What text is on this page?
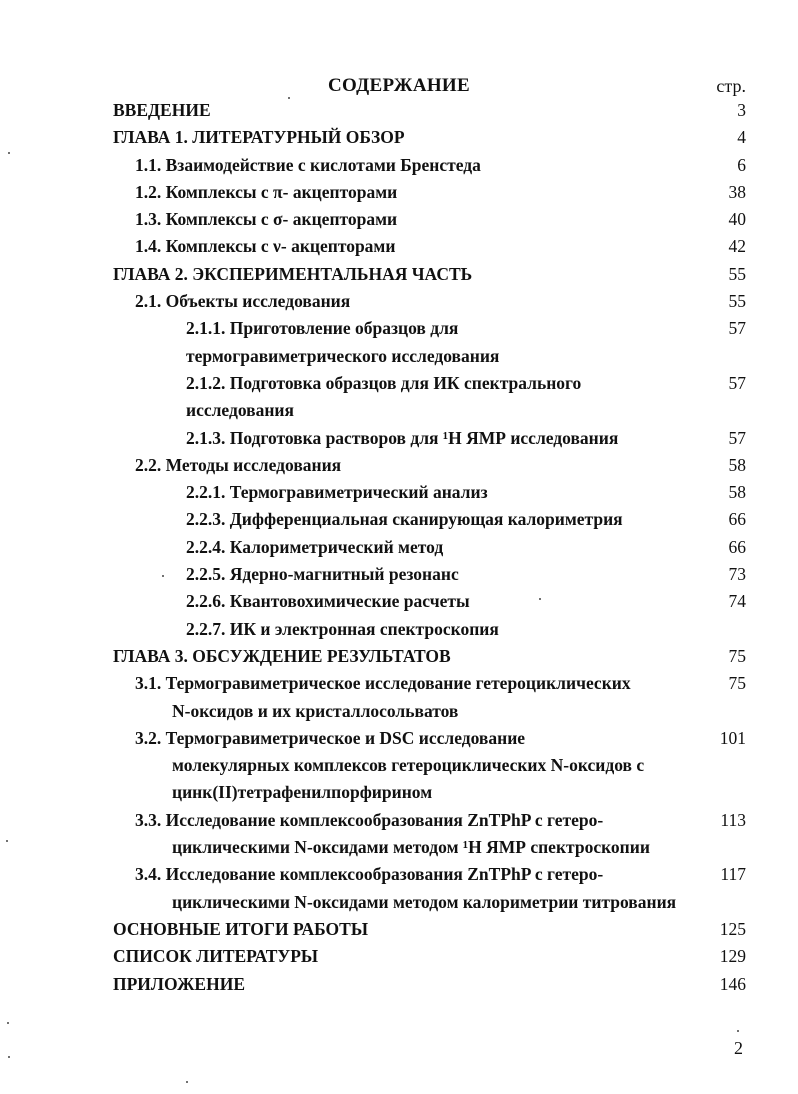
СОДЕРЖАНИЕ	стр.
ВВЕДЕНИЕ	3
ГЛАВА 1. ЛИТЕРАТУРНЫЙ ОБЗОР	4
1.1. Взаимодействие с кислотами Бренстеда	6
1.2. Комплексы с π- акцепторами	38
1.3. Комплексы с σ- акцепторами	40
1.4. Комплексы с ν- акцепторами	42
ГЛАВА 2. ЭКСПЕРИМЕНТАЛЬНАЯ ЧАСТЬ	55
2.1. Объекты исследования	55
2.1.1. Приготовление образцов для	57
термогравиметрического исследования
2.1.2. Подготовка образцов для ИК спектрального	57
исследования
2.1.3. Подготовка растворов для ¹H ЯМР исследования	57
2.2. Методы исследования	58
2.2.1. Термогравиметрический анализ	58
2.2.3. Дифференциальная сканирующая калориметрия	66
2.2.4. Калориметрический метод	66
2.2.5. Ядерно-магнитный резонанс	73
2.2.6. Квантовохимические расчеты	74
2.2.7. ИК и электронная спектроскопия
ГЛАВА 3. ОБСУЖДЕНИЕ РЕЗУЛЬТАТОВ	75
3.1. Термогравиметрическое исследование гетероциклических	75
N-оксидов и их кристаллосольватов
3.2. Термогравиметрическое и DSC исследование	101
молекулярных комплексов гетероциклических N-оксидов с
цинк(II)тетрафенилпорфирином
3.3. Исследование комплексообразования ZnTPhP с гетеро-	113
циклическими N-оксидами методом ¹H ЯМР спектроскопии
3.4. Исследование комплексообразования ZnTPhP с гетеро-	117
циклическими N-оксидами методом калориметрии титрования
ОСНОВНЫЕ ИТОГИ РАБОТЫ	125
СПИСОК ЛИТЕРАТУРЫ	129
ПРИЛОЖЕНИЕ	146
2
